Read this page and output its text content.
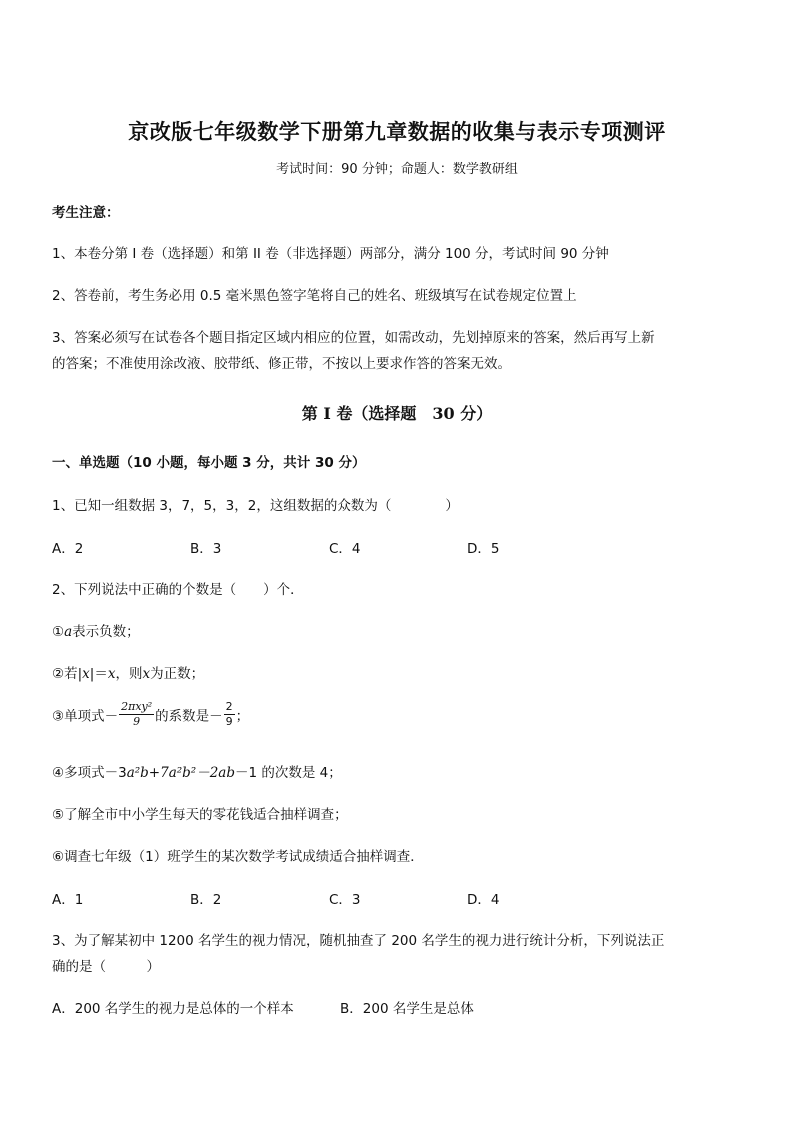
京改版七年级数学下册第九章数据的收集与表示专项测评
考试时间：90 分钟；命题人：数学教研组
考生注意：
1、本卷分第 I 卷（选择题）和第 II 卷（非选择题）两部分，满分 100 分，考试时间 90 分钟
2、答卷前，考生务必用 0.5 毫米黑色签字笔将自己的姓名、班级填写在试卷规定位置上
3、答案必须写在试卷各个题目指定区域内相应的位置，如需改动，先划掉原来的答案，然后再写上新
的答案；不准使用涂改液、胶带纸、修正带，不按以上要求作答的答案无效。
第 I 卷（选择题　30 分）
一、单选题（10 小题，每小题 3 分，共计 30 分）
1、已知一组数据 3，7，5，3，2，这组数据的众数为（　　　　）
A．2	B．3	C．4	D．5
2、下列说法中正确的个数是（　　）个．
①a表示负数；
②若|x|＝x，则x为正数；
③单项式－ $\frac{\text{2πxy²}}{9}$ 的系数是－ $\frac{2}{9}$ ；
④多项式－3a²b+7a²b²－2ab－1 的次数是 4；
⑤了解全市中小学生每天的零花钱适合抽样调查；
⑥调查七年级（1）班学生的某次数学考试成绩适合抽样调查．
A．1	B．2	C．3	D．4
3、为了解某初中 1200 名学生的视力情况，随机抽查了 200 名学生的视力进行统计分析，下列说法正
确的是（　　　）
A．200 名学生的视力是总体的一个样本	B．200 名学生是总体
